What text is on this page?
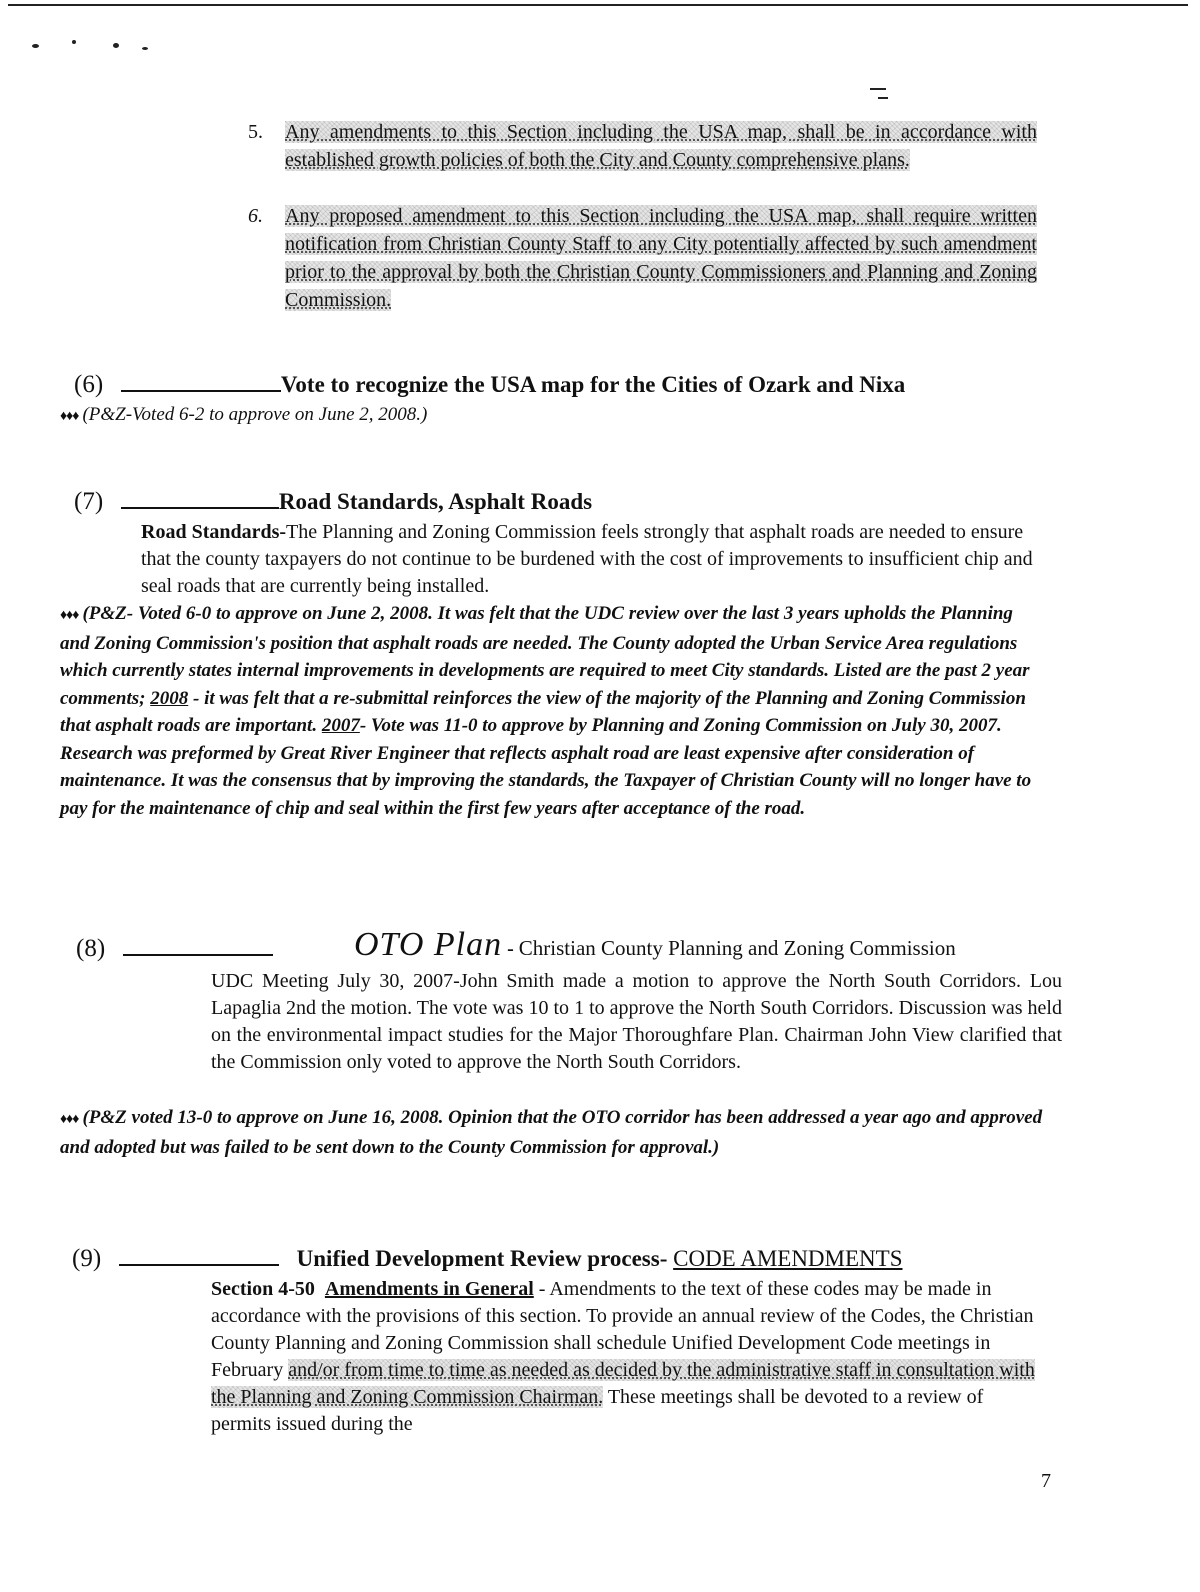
5. Any amendments to this Section including the USA map, shall be in accordance with established growth policies of both the City and County comprehensive plans.
6. Any proposed amendment to this Section including the USA map, shall require written notification from Christian County Staff to any City potentially affected by such amendment prior to the approval by both the Christian County Commissioners and Planning and Zoning Commission.
(6)	Vote to recognize the USA map for the Cities of Ozark and Nixa
♦♦♦ (P&Z-Voted 6-2 to approve on June 2, 2008.)
(7)	Road Standards, Asphalt Roads
Road Standards-The Planning and Zoning Commission feels strongly that asphalt roads are needed to ensure that the county taxpayers do not continue to be burdened with the cost of improvements to insufficient chip and seal roads that are currently being installed.
♦♦♦ (P&Z- Voted 6-0 to approve on June 2, 2008. It was felt that the UDC review over the last 3 years upholds the Planning and Zoning Commission's position that asphalt roads are needed. The County adopted the Urban Service Area regulations which currently states internal improvements in developments are required to meet City standards. Listed are the past 2 year comments; 2008 - it was felt that a re-submittal reinforces the view of the majority of the Planning and Zoning Commission that asphalt roads are important. 2007- Vote was 11-0 to approve by Planning and Zoning Commission on July 30, 2007. Research was preformed by Great River Engineer that reflects asphalt road are least expensive after consideration of maintenance. It was the consensus that by improving the standards, the Taxpayer of Christian County will no longer have to pay for the maintenance of chip and seal within the first few years after acceptance of the road.
(8)	OTO Plan - Christian County Planning and Zoning Commission
UDC Meeting July 30, 2007-John Smith made a motion to approve the North South Corridors. Lou Lapaglia 2nd the motion. The vote was 10 to 1 to approve the North South Corridors. Discussion was held on the environmental impact studies for the Major Thoroughfare Plan. Chairman John View clarified that the Commission only voted to approve the North South Corridors.
♦♦♦ (P&Z voted 13-0 to approve on June 16, 2008. Opinion that the OTO corridor has been addressed a year ago and approved and adopted but was failed to be sent down to the County Commission for approval.)
(9)	Unified Development Review process- CODE AMENDMENTS
Section 4-50 Amendments in General - Amendments to the text of these codes may be made in accordance with the provisions of this section. To provide an annual review of the Codes, the Christian County Planning and Zoning Commission shall schedule Unified Development Code meetings in February and/or from time to time as needed as decided by the administrative staff in consultation with the Planning and Zoning Commission Chairman. These meetings shall be devoted to a review of permits issued during the
7
